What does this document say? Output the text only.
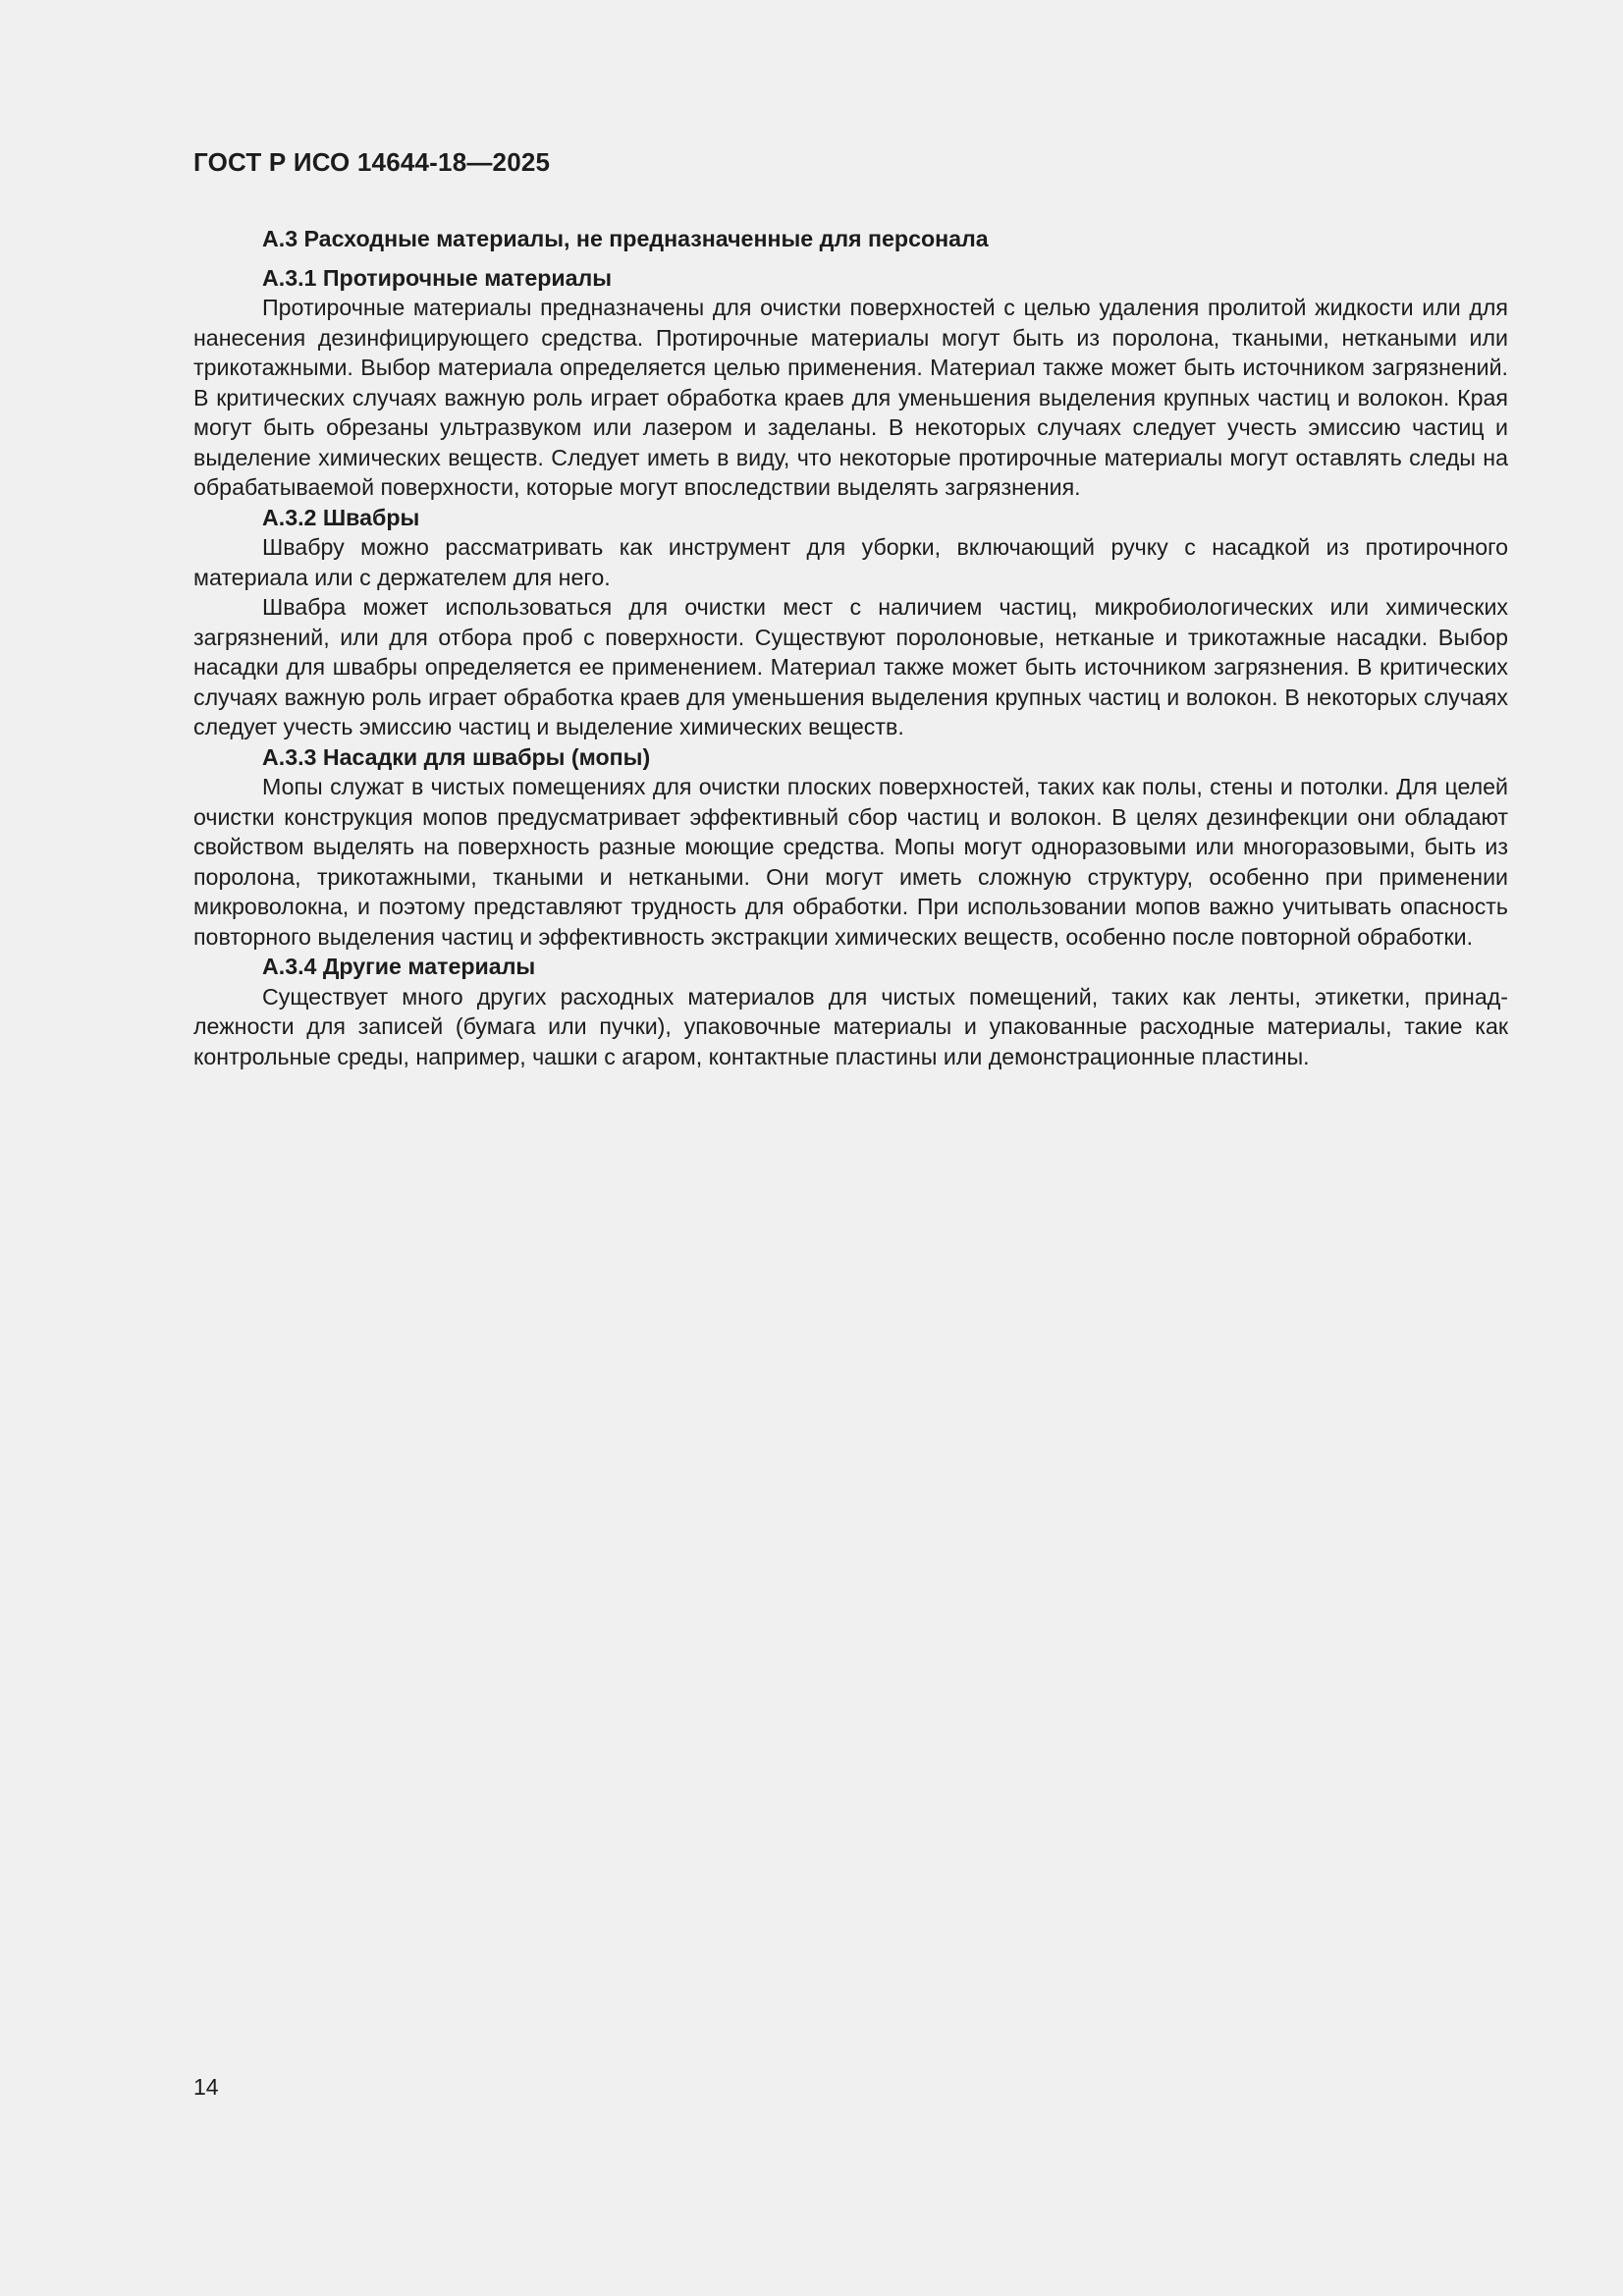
ГОСТ Р ИСО 14644-18—2025

А.3 Расходные материалы, не предназначенные для персонала

А.3.1 Протирочные материалы

Протирочные материалы предназначены для очистки поверхностей с целью удаления пролитой жидкости или для нанесения дезинфицирующего средства. Протирочные материалы могут быть из поролона, ткаными, неткаными или трикотажными. Выбор материала определяется целью применения. Материал также может быть источником загрязнений. В критических случаях важную роль играет обработка краев для уменьшения выделения крупных частиц и волокон. Края могут быть обрезаны ультразвуком или лазером и заделаны. В некоторых случаях следует учесть эмиссию частиц и выделение химических веществ. Следует иметь в виду, что некоторые протирочные материалы могут оставлять следы на обрабатываемой поверхности, которые могут впоследствии выделять загрязнения.

А.3.2 Швабры

Швабру можно рассматривать как инструмент для уборки, включающий ручку с насадкой из протирочного материала или с держателем для него.

Швабра может использоваться для очистки мест с наличием частиц, микробиологических или химических загрязнений, или для отбора проб с поверхности. Существуют поролоновые, нетканые и трикотажные насадки. Выбор насадки для швабры определяется ее применением. Материал также может быть источником загрязнения. В критических случаях важную роль играет обработка краев для уменьшения выделения крупных частиц и волокон. В некоторых случаях следует учесть эмиссию частиц и выделение химических веществ.

А.3.3 Насадки для швабры (мопы)

Мопы служат в чистых помещениях для очистки плоских поверхностей, таких как полы, стены и потолки. Для целей очистки конструкция мопов предусматривает эффективный сбор частиц и волокон. В целях дезинфекции они обладают свойством выделять на поверхность разные моющие средства. Мопы могут одноразовыми или многоразовыми, быть из поролона, трикотажными, ткаными и неткаными. Они могут иметь сложную структуру, особенно при применении микроволокна, и поэтому представляют трудность для обработки. При использовании мопов важно учитывать опасность повторного выделения частиц и эффективность экстракции химических веществ, особенно после повторной обработки.

А.3.4 Другие материалы

Существует много других расходных материалов для чистых помещений, таких как ленты, этикетки, принадлежности для записей (бумага или пучки), упаковочные материалы и упакованные расходные материалы, такие как контрольные среды, например, чашки с агаром, контактные пластины или демонстрационные пластины.

14
